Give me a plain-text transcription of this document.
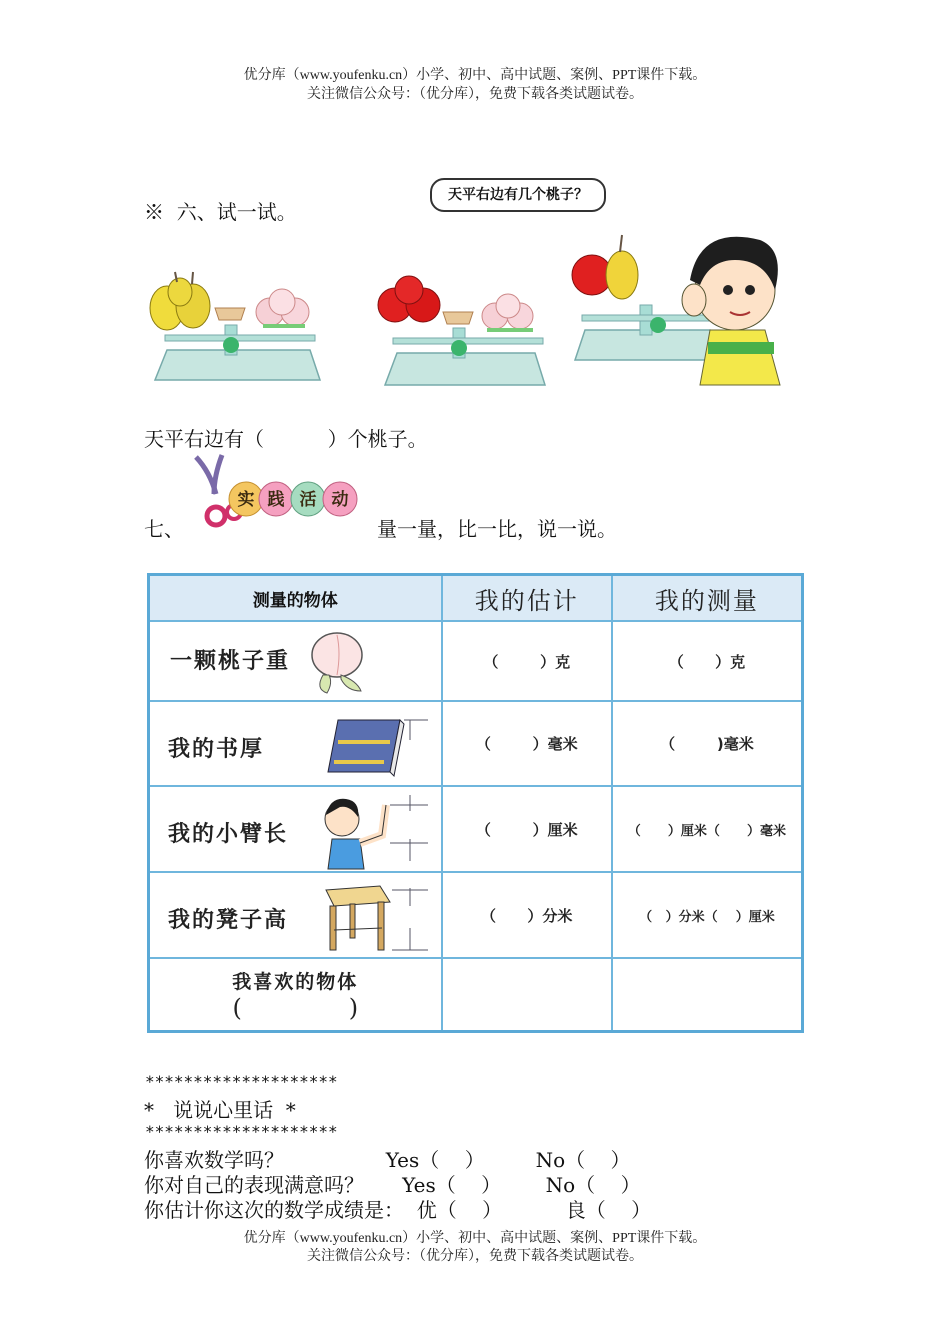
优分库（www.youfenku.cn）小学、初中、高中试题、案例、PPT课件下载。
关注微信公众号：（优分库），免费下载各类试题试卷。
※  六、试一试。
天平右边有几个桃子？
天平右边有（          ）个桃子。
七、
实 践 活 动
量一量，比一比，说一说。
测量的物体	我的估计	我的测量

一颗桃子重	（        ）克	（      ）克

我的书厚	（        ）毫米	（        )毫米

我的小臂长	（        ）厘米	（      ）厘米（      ）毫米

我的凳子高	（      ）分米	（   ）分米（    ）厘米

我喜欢的物体
(              )		

********************
*   说说心里话  *
********************
你喜欢数学吗？                Yes（    ）        No（    ）
你对自己的表现满意吗？      Yes（    ）       No（    ）
你估计你这次的数学成绩是：  优（    ）          良（    ）
优分库（www.youfenku.cn）小学、初中、高中试题、案例、PPT课件下载。
关注微信公众号：（优分库），免费下载各类试题试卷。
